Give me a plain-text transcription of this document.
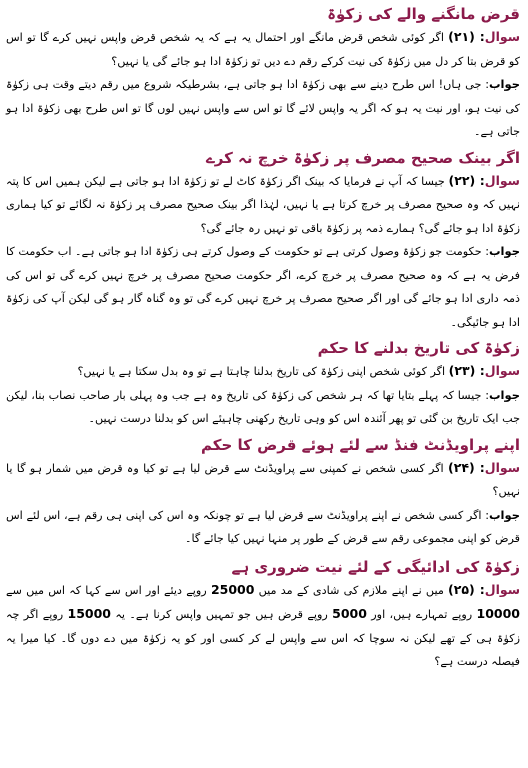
قرض مانگنے والے کی زکوٰۃ

سوال: (۲۱) اگر کوئی شخص قرض مانگے اور احتمال یہ ہے کہ یہ شخص قرض واپس نہیں کرے گا تو اس کو قرض بتا کر دل میں زکوٰۃ کی نیت کرکے رقم دے دیں تو زکوٰۃ ادا ہو جائے گی یا نہیں؟

جواب: جی ہاں! اس طرح دینے سے بھی زکوٰۃ ادا ہو جاتی ہے، بشرطیکہ شروع میں رقم دیتے وقت ہی زکوٰۃ کی نیت ہو، اور نیت یہ ہو کہ اگر یہ واپس لائے گا تو اس سے واپس نہیں لوں گا تو اس طرح بھی زکوٰۃ ادا ہو جاتی ہے۔

اگر بینک صحیح مصرف پر زکوٰۃ خرچ نہ کرے

سوال: (۲۲) جیسا کہ آپ نے فرمایا کہ بینک اگر زکوٰۃ کاٹ لے تو زکوٰۃ ادا ہو جاتی ہے لیکن ہمیں اس کا پتہ نہیں کہ وہ صحیح مصرف پر خرچ کرتا ہے یا نہیں، لہٰذا اگر بینک صحیح مصرف پر زکوٰۃ نہ لگائے تو کیا ہماری زکوٰۃ ادا ہو جائے گی؟ ہمارے ذمہ پر زکوٰۃ باقی تو نہیں رہ جائے گی؟

جواب: حکومت جو زکوٰۃ وصول کرتی ہے تو حکومت کے وصول کرتے ہی زکوٰۃ ادا ہو جاتی ہے۔ اب حکومت کا فرض یہ ہے کہ وہ صحیح مصرف پر خرچ کرے، اگر حکومت صحیح مصرف پر خرچ نہیں کرے گی تو اس کی ذمہ داری ادا ہو جائے گی اور اگر صحیح مصرف پر خرچ نہیں کرے گی تو وہ گناہ گار ہو گی لیکن آپ کی زکوٰۃ ادا ہو جائیگی۔

زکوٰۃ کی تاریخ بدلنے کا حکم

سوال: (۲۳) اگر کوئی شخص اپنی زکوٰۃ کی تاریخ بدلنا چاہتا ہے تو وہ بدل سکتا ہے یا نہیں؟

جواب: جیسا کہ پہلے بتایا تھا کہ ہر شخص کی زکوٰۃ کی تاریخ وہ ہے جب وہ پہلی بار صاحب نصاب بنا، لیکن جب ایک تاریخ بن گئی تو پھر آئندہ اس کو وہی تاریخ رکھنی چاہیئے اس کو بدلنا درست نہیں۔

اپنے پراویڈنٹ فنڈ سے لئے ہوئے قرض کا حکم

سوال: (۲۴) اگر کسی شخص نے کمپنی سے پراویڈنٹ سے قرض لیا ہے تو کیا وہ قرض میں شمار ہو گا یا نہیں؟

جواب: اگر کسی شخص نے اپنے پراویڈنٹ سے قرض لیا ہے تو چونکہ وہ اس کی اپنی ہی رقم ہے، اس لئے اس قرض کو اپنی مجموعی رقم سے قرض کے طور پر منہا نہیں کیا جائے گا۔

زکوٰۃ کی ادائیگی کے لئے نیت ضروری ہے

سوال: (۲۵) میں نے اپنے ملازم کی شادی کے مد میں 25000 روپے دیئے اور اس سے کہا کہ اس میں سے 10000 روپے تمہارے ہیں، اور 5000 روپے قرض ہیں جو تمہیں واپس کرنا ہے۔ یہ 15000 روپے اگر چہ زکوٰۃ ہی کے تھے لیکن نہ سوچا کہ اس سے واپس لے کر کسی اور کو یہ زکوٰۃ میں دے دوں گا۔ کیا میرا یہ فیصلہ درست ہے؟
